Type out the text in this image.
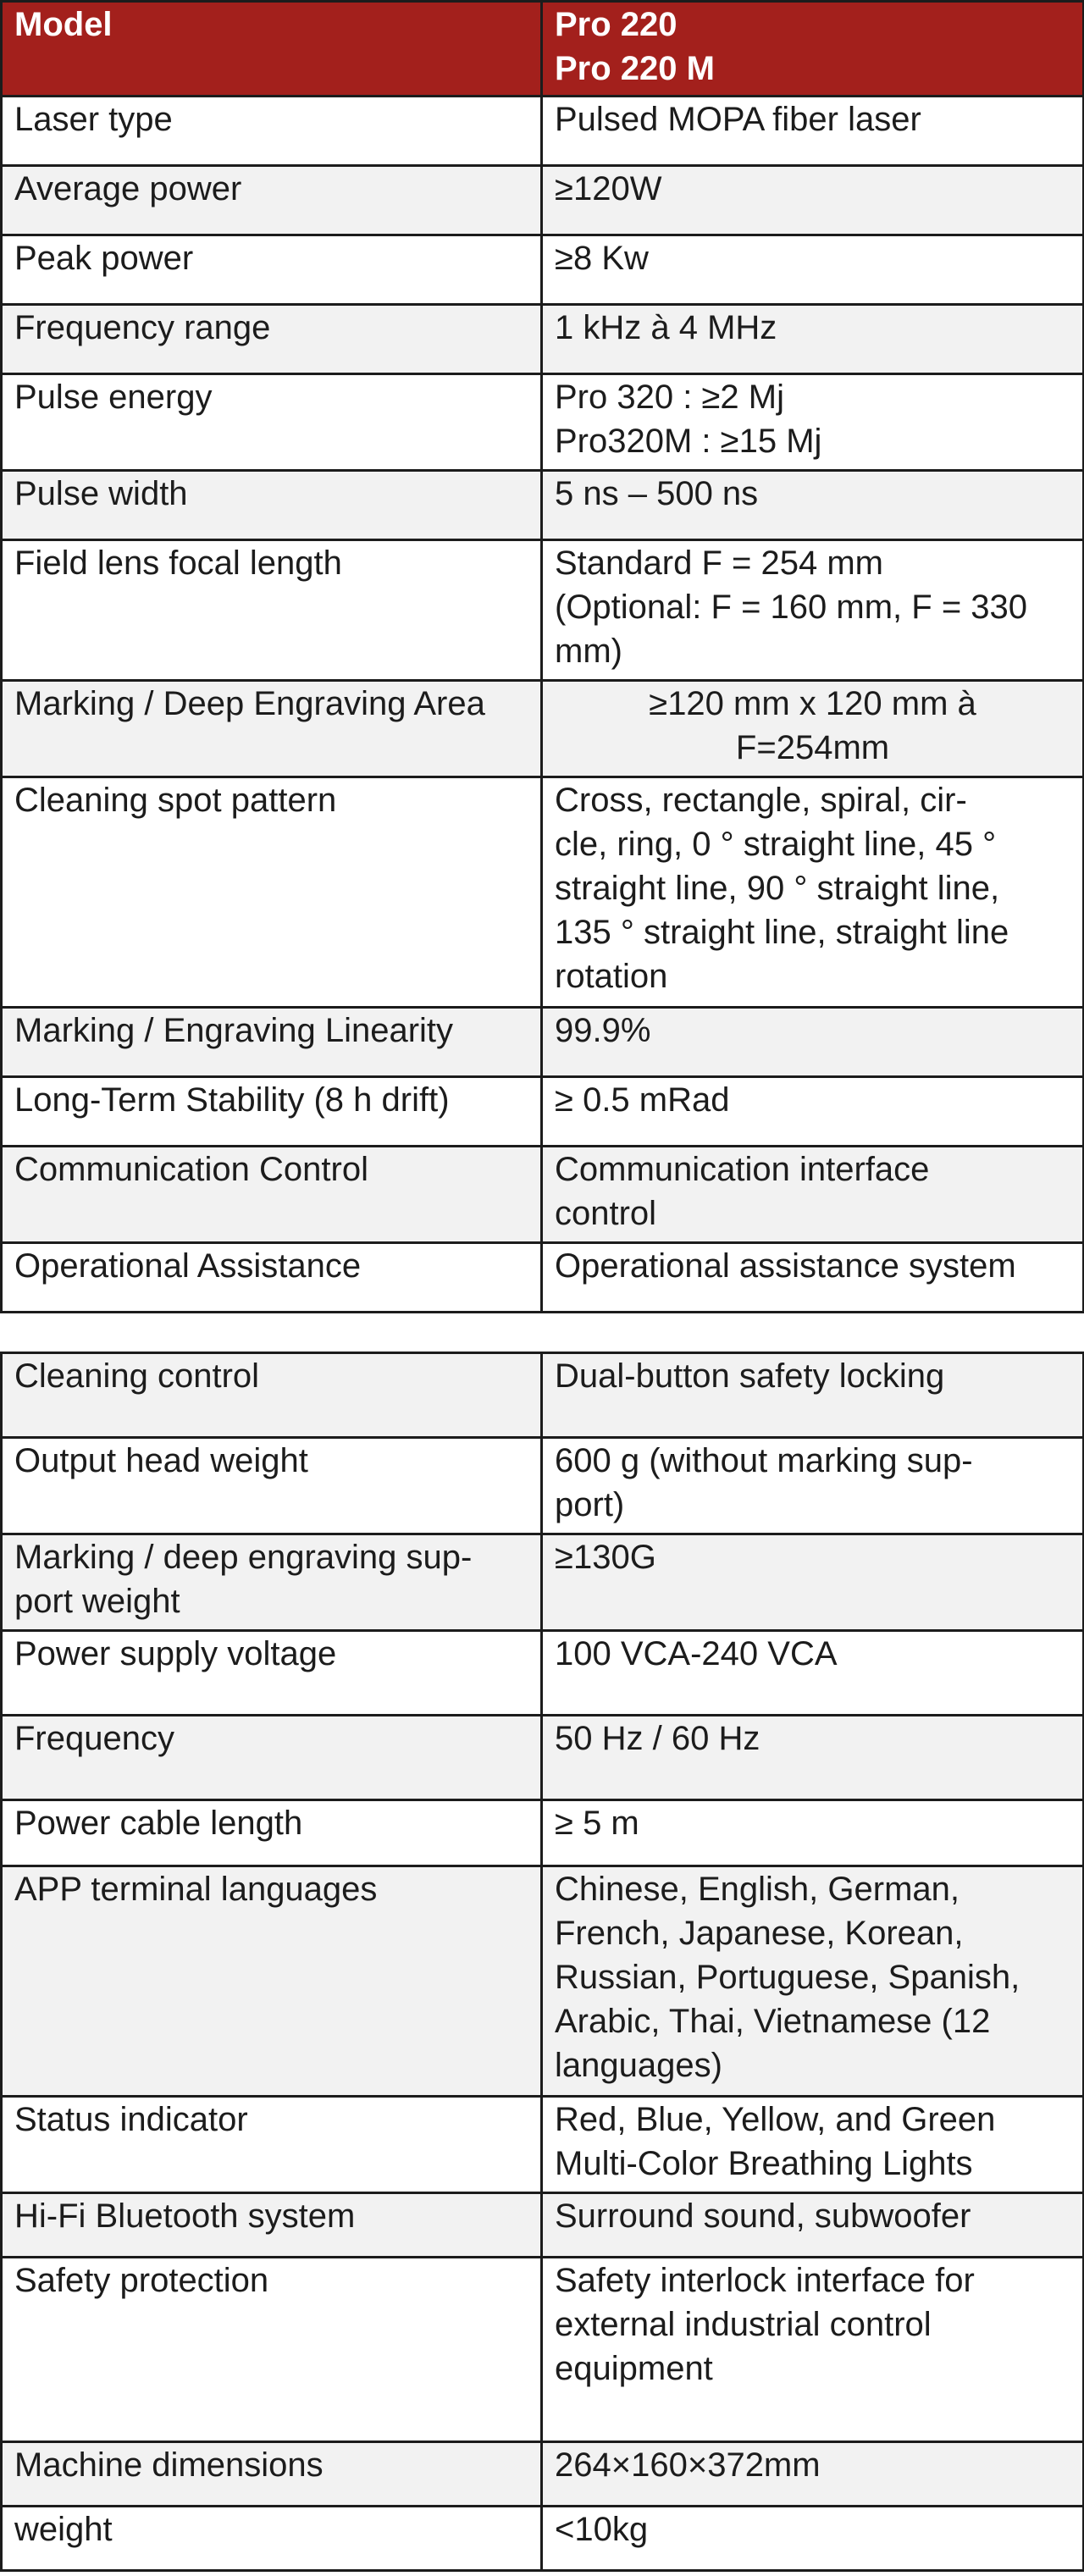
Model	Pro 220
Pro 220 M
Laser type	Pulsed MOPA fiber laser
Average power	≥120W
Peak power	≥8 Kw
Frequency range	1 kHz à 4 MHz
Pulse energy	Pro 320 : ≥2 Mj
Pro320M : ≥15 Mj
Pulse width	5 ns – 500 ns
Field lens focal length	Standard F = 254 mm
(Optional: F = 160 mm, F = 330
mm)
Marking / Deep Engraving Area	≥120 mm x 120 mm à
F=254mm
Cleaning spot pattern	Cross, rectangle, spiral, cir-
cle, ring, 0 ° straight line, 45 °
straight line, 90 ° straight line,
135 ° straight line, straight line
rotation
Marking / Engraving Linearity	99.9%
Long-Term Stability (8 h drift)	≥ 0.5 mRad
Communication Control	Communication interface
control
Operational Assistance	Operational assistance system
Cleaning control	Dual-button safety locking
Output head weight	600 g (without marking sup-
port)
Marking / deep engraving sup-
port weight	≥130G
Power supply voltage	100 VCA-240 VCA
Frequency	50 Hz / 60 Hz
Power cable length	≥ 5 m
APP terminal languages	Chinese, English, German,
French, Japanese, Korean,
Russian, Portuguese, Spanish,
Arabic, Thai, Vietnamese (12
languages)
Status indicator	Red, Blue, Yellow, and Green
Multi-Color Breathing Lights
Hi-Fi Bluetooth system	Surround sound, subwoofer
Safety protection	Safety interlock interface for
external industrial control
equipment
Machine dimensions	264×160×372mm
weight	<10kg
